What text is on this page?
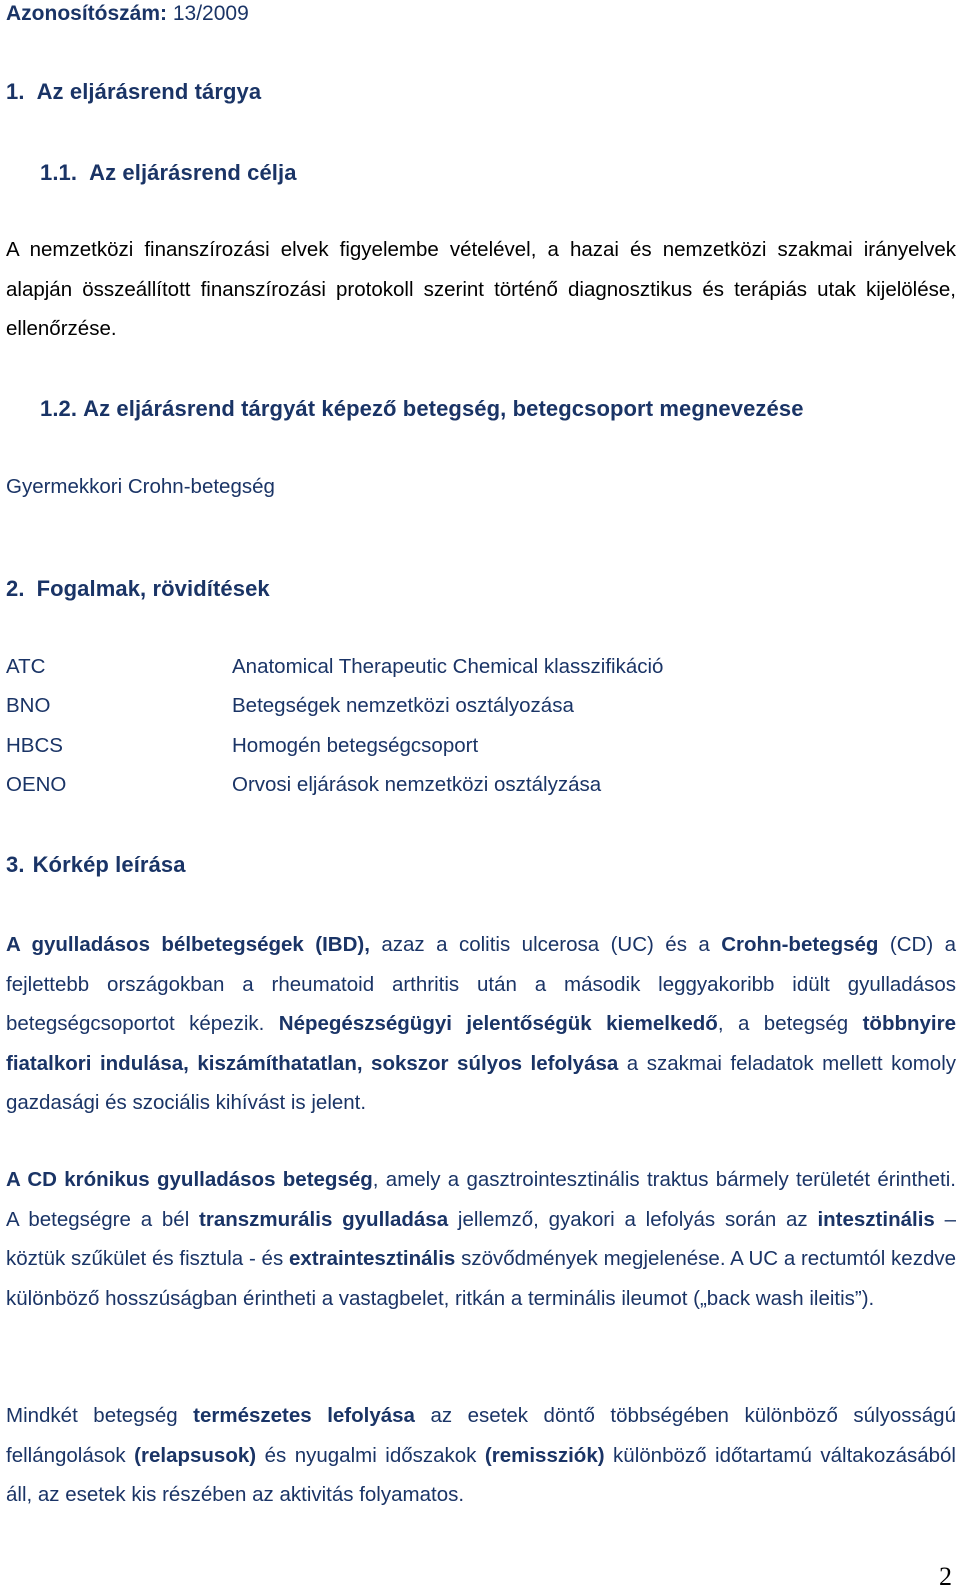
Azonosítószám: 13/2009
1. Az eljárásrend tárgya
1.1. Az eljárásrend célja

A nemzetközi finanszírozási elvek figyelembe vételével, a hazai és nemzetközi szakmai irányelvek alapján összeállított finanszírozási protokoll szerint történő diagnosztikus és terápiás utak kijelölése, ellenőrzése.

1.2. Az eljárásrend tárgyát képező betegség, betegcsoport megnevezése
Gyermekkori Crohn-betegség
2. Fogalmak, rövidítések
ATC	Anatomical Therapeutic Chemical klasszifikáció
BNO	Betegségek nemzetközi osztályozása
HBCS	Homogén betegségcsoport
OENO	Orvosi eljárások nemzetközi osztályzása
3. Kórkép leírása

A gyulladásos bélbetegségek (IBD), azaz a colitis ulcerosa (UC) és a Crohn-betegség (CD) a fejlettebb országokban a rheumatoid arthritis után a második leggyakoribb idült gyulladásos betegségcsoportot képezik. Népegészségügyi jelentőségük kiemelkedő, a betegség többnyire fiatalkori indulása, kiszámíthatatlan, sokszor súlyos lefolyása a szakmai feladatok mellett komoly gazdasági és szociális kihívást is jelent.

A CD krónikus gyulladásos betegség, amely a gasztrointesztinális traktus bármely területét érintheti. A betegségre a bél transzmurális gyulladása jellemző, gyakori a lefolyás során az intesztinális – köztük szűkület és fisztula - és extraintesztinális szövődmények megjelenése. A UC a rectumtól kezdve különböző hosszúságban érintheti a vastagbelet, ritkán a terminális ileumot („back wash ileitis”).

Mindkét betegség természetes lefolyása az esetek döntő többségében különböző súlyosságú fellángolások (relapsusok) és nyugalmi időszakok (remissziók) különböző időtartamú váltakozásából áll, az esetek kis részében az aktivitás folyamatos.

2
